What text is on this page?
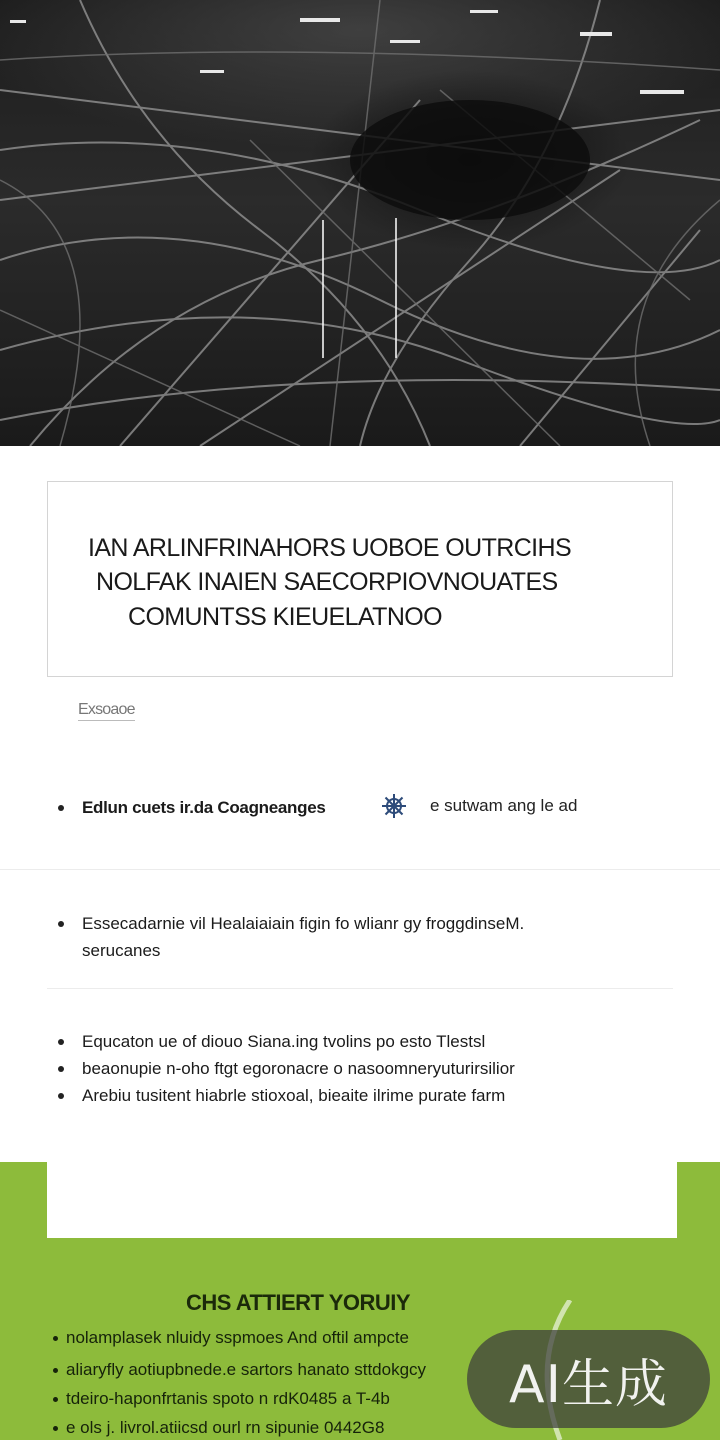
IAN ARLINFRINAHORS UOBOE OUTRCIHS
NOLFAK INAIEN SAECORPIOVNOUATES
COMUNTSS KIEUELATNOO
Exsoaoe
Edlun cuets ir.da Coagneanges	e sutwam ang le ad
Essecadarnie vil Healaiaiain figin fo wlianr gy froggdinseM.
serucanes
Equcaton ue of diouo Siana.ing tvolins po esto Tlestsl
beaonupie n-oho ftgt egoronacre o nasoomneryuturirsilior
Arebiu tusitent hiabrle stioxoal, bieaite ilrime purate farm
CHS ATTIERT YORUIY
nolamplasek nluidy sspmoes And oftil ampcte
aliaryfly aotiupbnede.e sartors hanato sttdokgcy
tdeiro-haponfrtanis spoto n rdK0485 a T-4b
e ols j. livrol.atiicsd ourl rn sipunie 0442G8
AI生成
